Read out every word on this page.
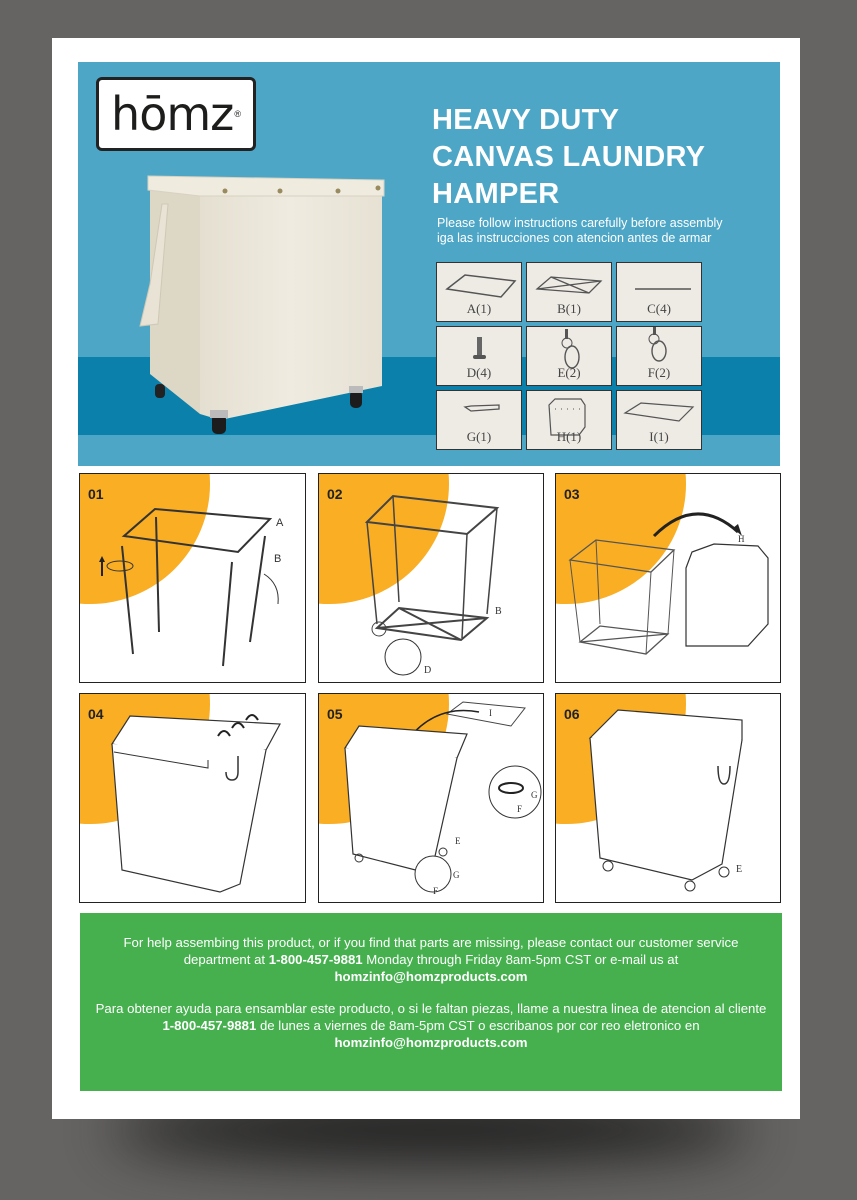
hōmz ®	HEAVY DUTY
CANVAS LAUNDRY
HAMPER
Please follow instructions carefully before assembly
iga las instrucciones con atencion antes de armar
A(1)	B(1)	C(4)
D(4)	E(2)	F(2)
G(1)	H(1)	I(1)
01
A
B
02
B
D
03
H
04	05	I
E
G
F
G
F
06
E

For help assembing this product, or if you find that parts are missing, please contact our customer service department at 1-800-457-9881 Monday through Friday 8am-5pm CST or e-mail us at homzinfo@homzproducts.com

Para obtener ayuda para ensamblar este producto, o si le faltan piezas, llame a nuestra linea de atencion al cliente 1-800-457-9881 de lunes a viernes de 8am-5pm CST o escribanos por cor reo eletronico en homzinfo@homzproducts.com
